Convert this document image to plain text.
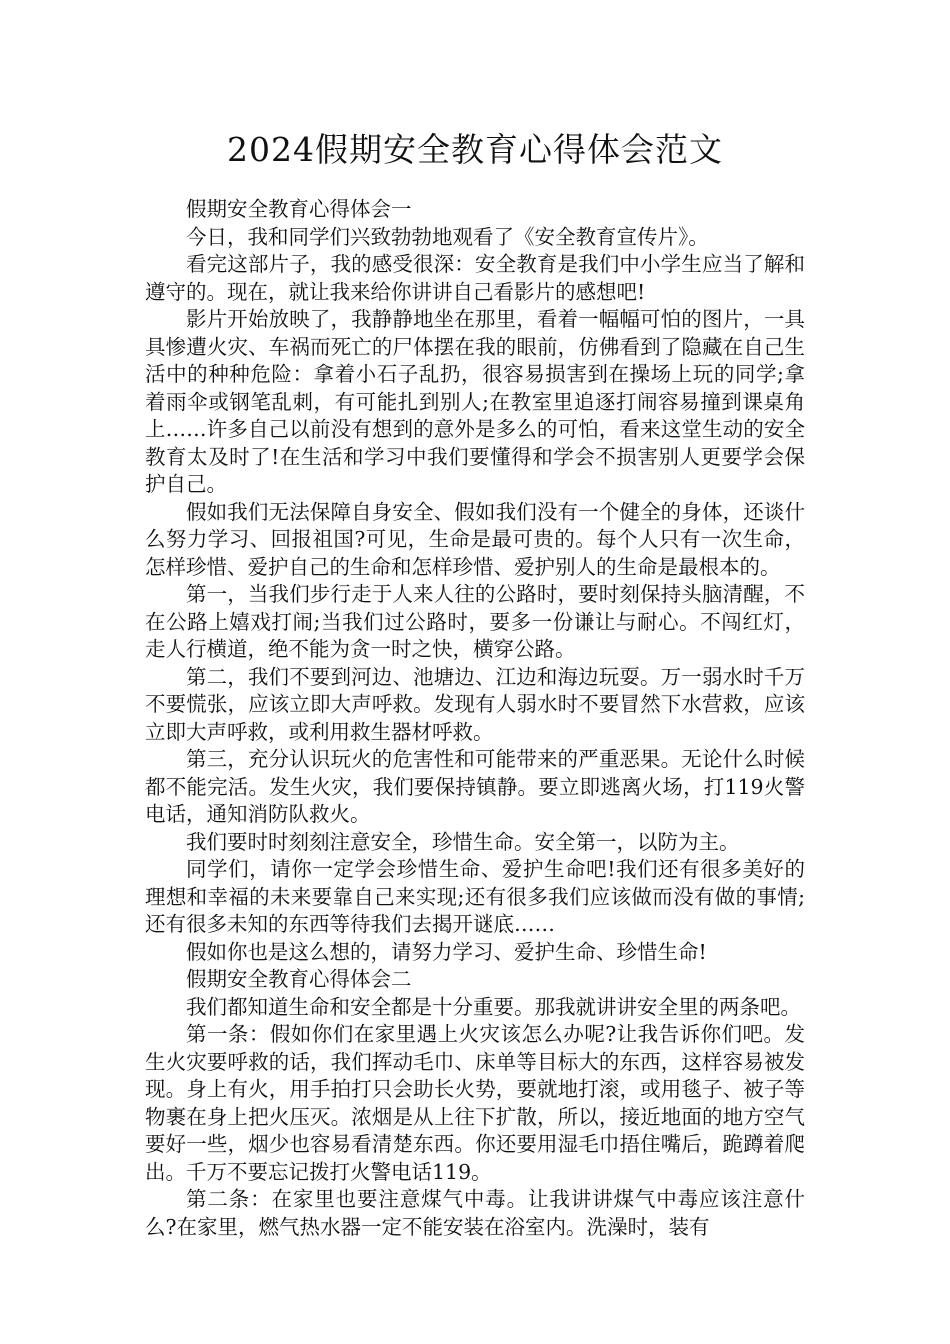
2024假期安全教育心得体会范文

假期安全教育心得体会一

今日，我和同学们兴致勃勃地观看了《安全教育宣传片》。

看完这部片子，我的感受很深：安全教育是我们中小学生应当了解和遵守的。现在，就让我来给你讲讲自己看影片的感想吧!

影片开始放映了，我静静地坐在那里，看着一幅幅可怕的图片，一具具惨遭火灾、车祸而死亡的尸体摆在我的眼前，仿佛看到了隐藏在自己生活中的种种危险：拿着小石子乱扔，很容易损害到在操场上玩的同学;拿着雨伞或钢笔乱刺，有可能扎到别人;在教室里追逐打闹容易撞到课桌角上……许多自己以前没有想到的意外是多么的可怕，看来这堂生动的安全教育太及时了!在生活和学习中我们要懂得和学会不损害别人更要学会保护自己。

假如我们无法保障自身安全、假如我们没有一个健全的身体，还谈什么努力学习、回报祖国?可见，生命是最可贵的。每个人只有一次生命，怎样珍惜、爱护自己的生命和怎样珍惜、爱护别人的生命是最根本的。

第一，当我们步行走于人来人往的公路时，要时刻保持头脑清醒，不在公路上嬉戏打闹;当我们过公路时，要多一份谦让与耐心。不闯红灯，走人行横道，绝不能为贪一时之快，横穿公路。

第二，我们不要到河边、池塘边、江边和海边玩耍。万一弱水时千万不要慌张，应该立即大声呼救。发现有人弱水时不要冒然下水营救，应该立即大声呼救，或利用救生器材呼救。

第三，充分认识玩火的危害性和可能带来的严重恶果。无论什么时候都不能完活。发生火灾，我们要保持镇静。要立即逃离火场，打119火警电话，通知消防队救火。

我们要时时刻刻注意安全，珍惜生命。安全第一，以防为主。

同学们，请你一定学会珍惜生命、爱护生命吧!我们还有很多美好的理想和幸福的未来要靠自己来实现;还有很多我们应该做而没有做的事情;还有很多未知的东西等待我们去揭开谜底……

假如你也是这么想的，请努力学习、爱护生命、珍惜生命!

假期安全教育心得体会二

我们都知道生命和安全都是十分重要。那我就讲讲安全里的两条吧。

第一条：假如你们在家里遇上火灾该怎么办呢?让我告诉你们吧。发生火灾要呼救的话，我们挥动毛巾、床单等目标大的东西，这样容易被发现。身上有火，用手拍打只会助长火势，要就地打滚，或用毯子、被子等物裹在身上把火压灭。浓烟是从上往下扩散，所以，接近地面的地方空气要好一些，烟少也容易看清楚东西。你还要用湿毛巾捂住嘴后，跪蹲着爬出。千万不要忘记拨打火警电话119。

第二条：在家里也要注意煤气中毒。让我讲讲煤气中毒应该注意什么?在家里，燃气热水器一定不能安装在浴室内。洗澡时，装有
